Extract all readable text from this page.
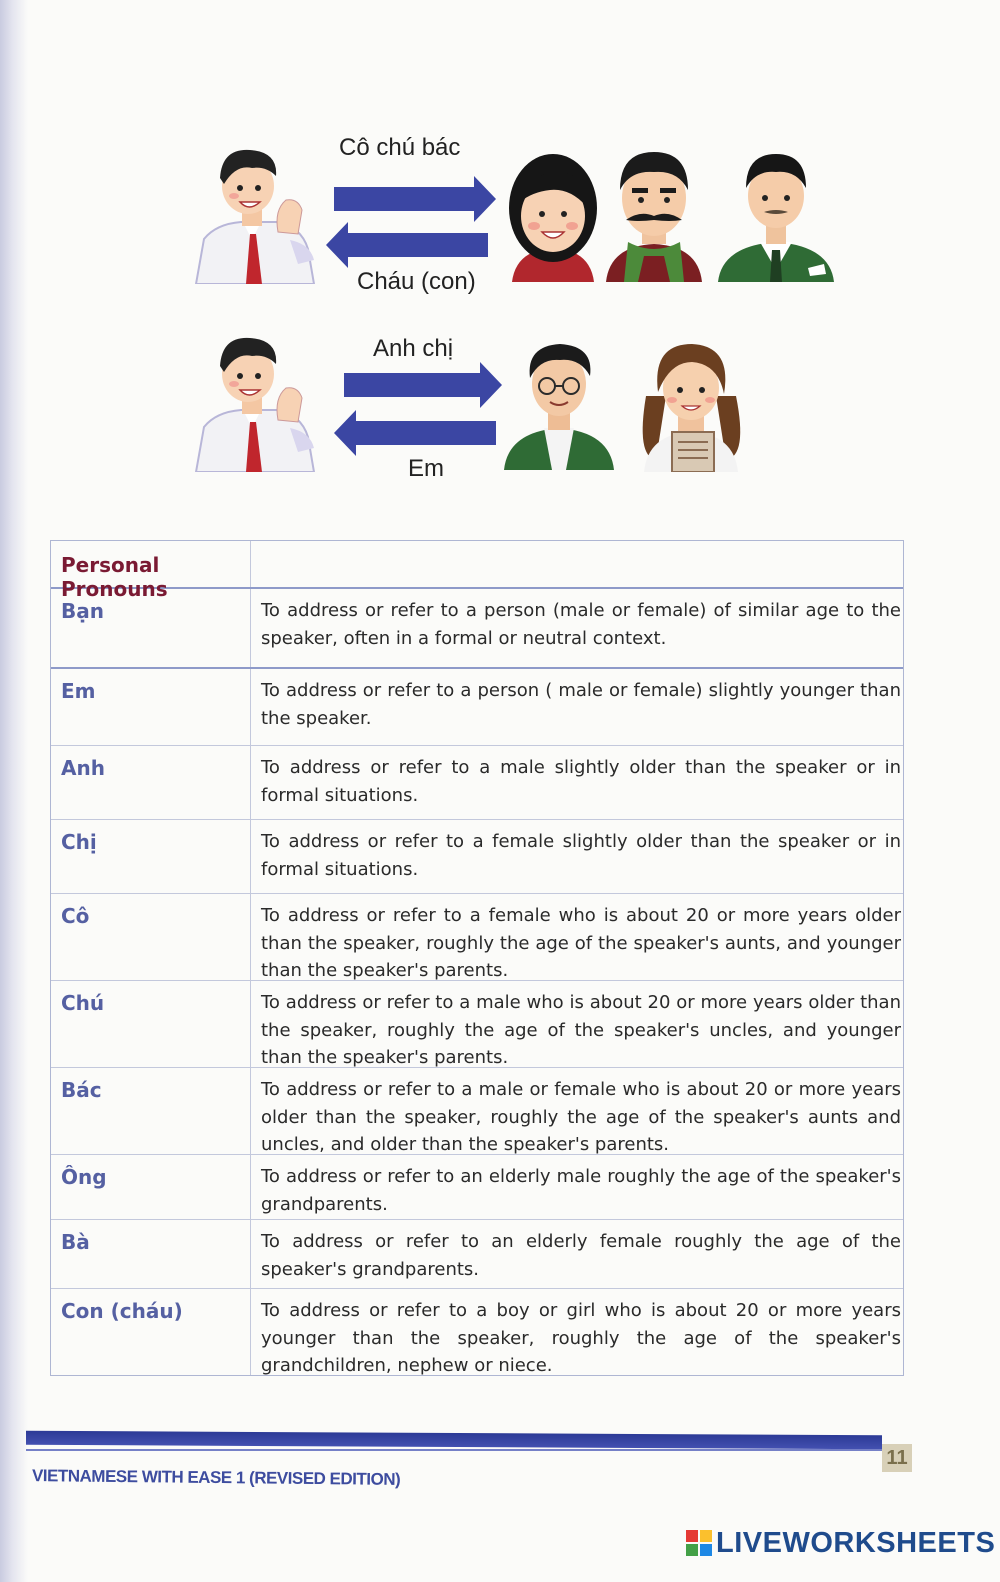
Cô chú bác
Cháu (con)
Anh chị
Em
Personal Pronouns
Bạn	To address or refer to a person (male or female) of similar age to the speaker, often in a formal or neutral context.
Em	To address or refer to a person ( male or female) slightly younger than the speaker.
Anh	To address or refer to a male slightly older than the speaker or in formal situations.
Chị	To address or refer to a female slightly older than the speaker or in formal situations.
Cô	To address or refer to a female who is about 20 or more years older than the speaker, roughly the age of the speaker's aunts, and younger than the speaker's parents.
Chú	To address or refer to a male who is about 20 or more years older than the speaker, roughly the age of the speaker's uncles, and younger than the speaker's parents.
Bác	To address or refer to a male or female who is about 20 or more years older than the speaker, roughly the age of the speaker's aunts and uncles, and older than the speaker's parents.
Ông	To address or refer to an elderly male roughly the age of the speaker's grandparents.
Bà	To address or refer to an elderly female roughly the age of the speaker's grandparents.
Con (cháu)	To address or refer to a boy or girl who is about 20 or more years younger than the speaker, roughly the age of the speaker's grandchildren, nephew or niece.
11
VIETNAMESE WITH EASE 1 (REVISED EDITION)
LIVEWORKSHEETS
